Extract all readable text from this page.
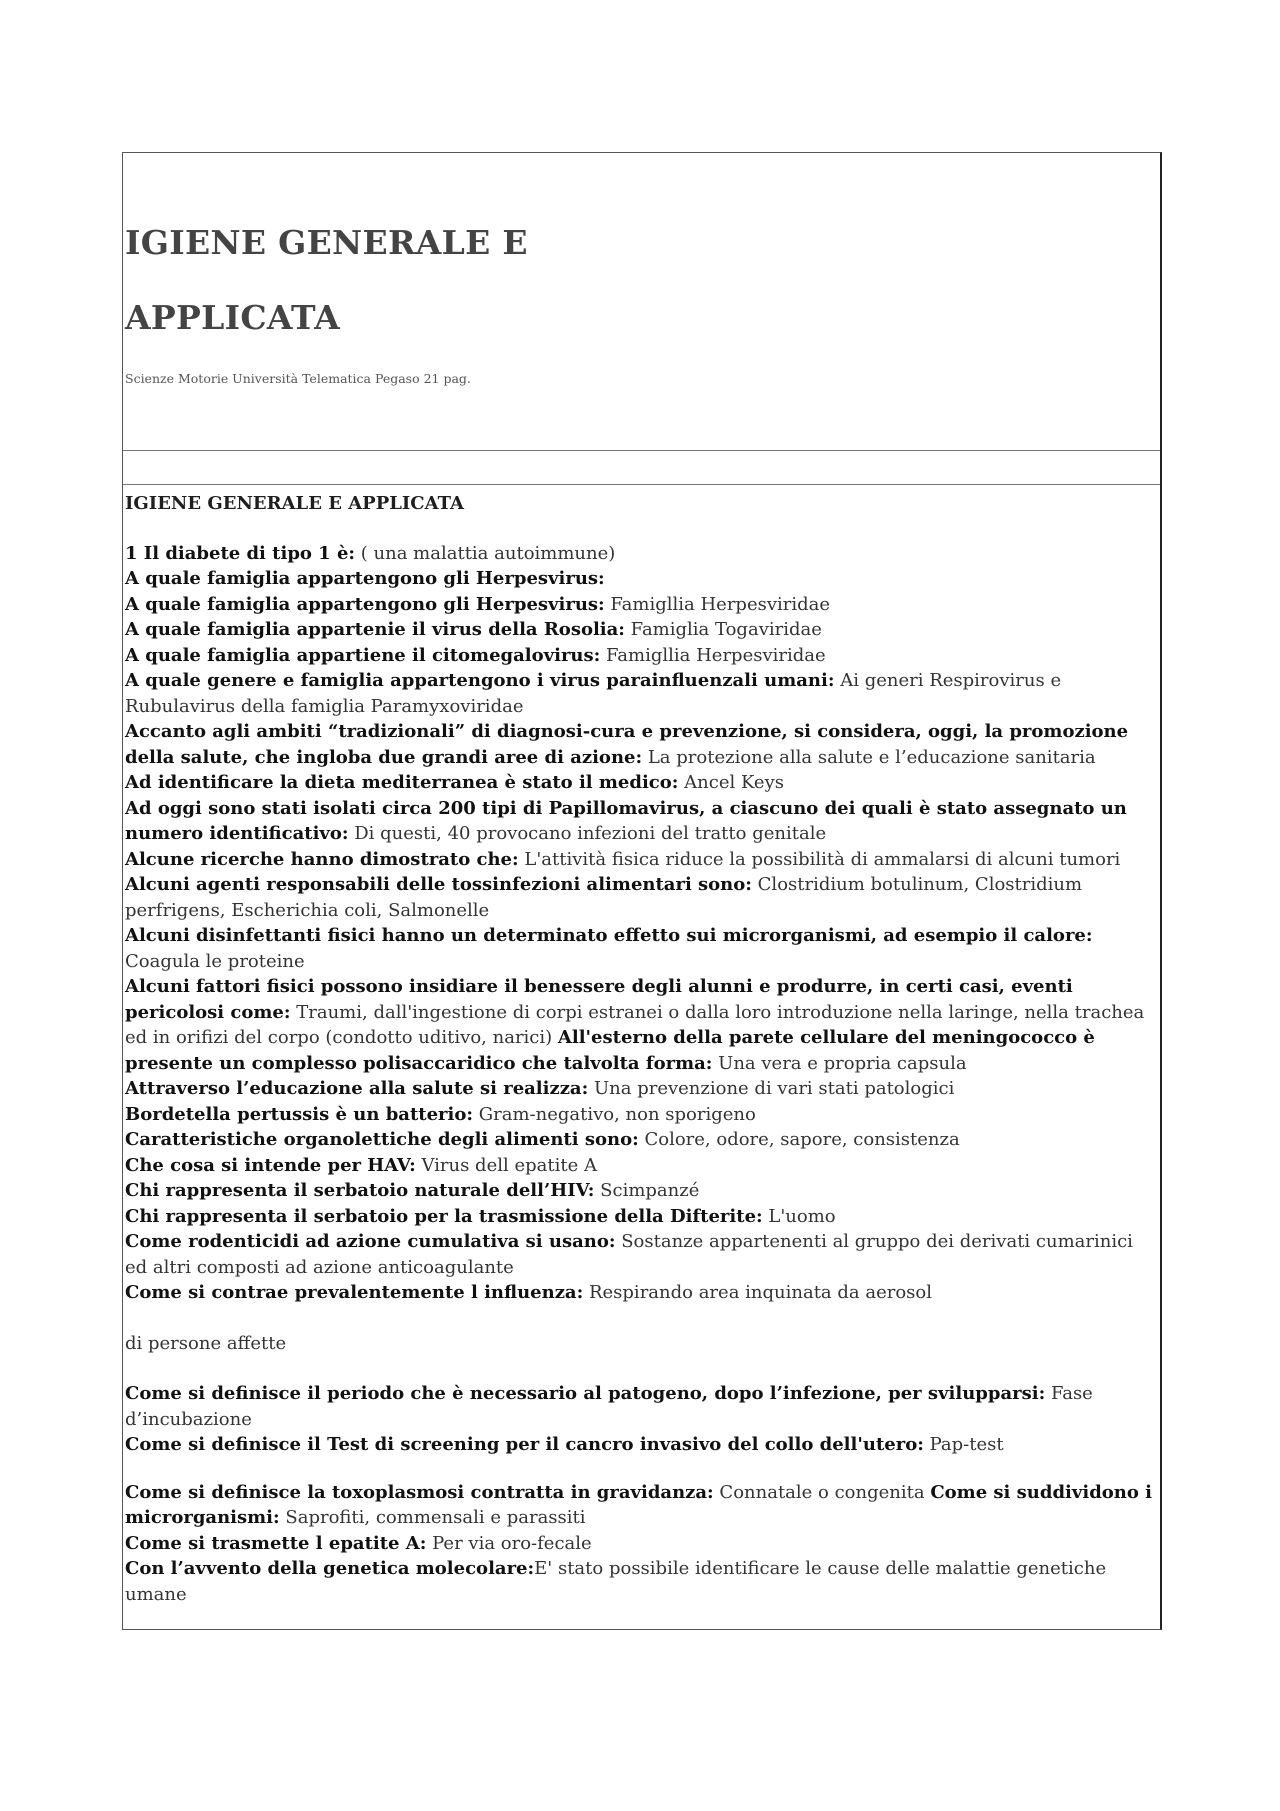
IGIENE GENERALE E
APPLICATA
Scienze Motorie Università Telematica Pegaso 21 pag.
IGIENE GENERALE E APPLICATA

1 Il diabete di tipo 1 è: ( una malattia autoimmune)

A quale famiglia appartengono gli Herpesvirus:

A quale famiglia appartengono gli Herpesvirus: Famigllia Herpesviridae

A quale famiglia appartenie il virus della Rosolia: Famiglia Togaviridae

A quale famiglia appartiene il citomegalovirus: Famigllia Herpesviridae

A quale genere e famiglia appartengono i virus parainfluenzali umani: Ai generi Respirovirus e Rubulavirus della famiglia Paramyxoviridae

Accanto agli ambiti “tradizionali” di diagnosi-cura e prevenzione, si considera, oggi, la promozione della salute, che ingloba due grandi aree di azione: La protezione alla salute e l’educazione sanitaria

Ad identificare la dieta mediterranea è stato il medico: Ancel Keys

Ad oggi sono stati isolati circa 200 tipi di Papillomavirus, a ciascuno dei quali è stato assegnato un numero identificativo: Di questi, 40 provocano infezioni del tratto genitale

Alcune ricerche hanno dimostrato che: L'attività fisica riduce la possibilità di ammalarsi di alcuni tumori

Alcuni agenti responsabili delle tossinfezioni alimentari sono: Clostridium botulinum, Clostridium perfrigens, Escherichia coli, Salmonelle

Alcuni disinfettanti fisici hanno un determinato effetto sui microrganismi, ad esempio il calore: Coagula le proteine

Alcuni fattori fisici possono insidiare il benessere degli alunni e produrre, in certi casi, eventi pericolosi come: Traumi, dall'ingestione di corpi estranei o dalla loro introduzione nella laringe, nella trachea ed in orifizi del corpo (condotto uditivo, narici) All'esterno della parete cellulare del meningococco è presente un complesso polisaccaridico che talvolta forma: Una vera e propria capsula

Attraverso l’educazione alla salute si realizza: Una prevenzione di vari stati patologici

Bordetella pertussis è un batterio: Gram-negativo, non sporigeno

Caratteristiche organolettiche degli alimenti sono: Colore, odore, sapore, consistenza

Che cosa si intende per HAV: Virus dell epatite A

Chi rappresenta il serbatoio naturale dell’HIV: Scimpanzé

Chi rappresenta il serbatoio per la trasmissione della Difterite: L'uomo

Come rodenticidi ad azione cumulativa si usano: Sostanze appartenenti al gruppo dei derivati cumarinici ed altri composti ad azione anticoagulante

Come si contrae prevalentemente l influenza: Respirando area inquinata da aerosol

di persone affette

Come si definisce il periodo che è necessario al patogeno, dopo l’infezione, per svilupparsi: Fase d’incubazione

Come si definisce il Test di screening per il cancro invasivo del collo dell'utero: Pap-test

Come si definisce la toxoplasmosi contratta in gravidanza: Connatale o congenita Come si suddividono i microrganismi: Saprofiti, commensali e parassiti

Come si trasmette l epatite A: Per via oro-fecale

Con l’avvento della genetica molecolare:E' stato possibile identificare le cause delle malattie genetiche umane
